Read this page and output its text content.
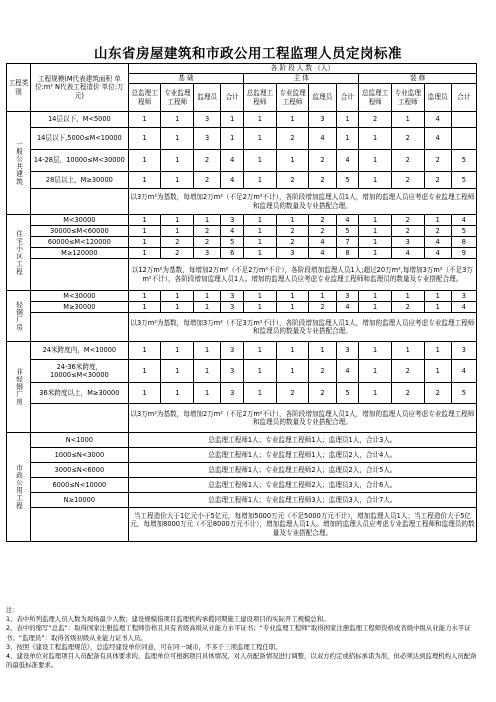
山东省房屋建筑和市政公用工程监理人员定岗标准
工程类别	工程规模(M代表建筑面积 单位:m² N代表工程造价 单位:万元)	各 阶 段 人 数 （人）											
		基 础				主 体				装 修			
		总监理工程师	专业监理工程师	监理员	合计	总监理工程师	专业监理工程师	监理员	合计	总监理工程师	专业监理工程师	监理员	合计
一般公共建筑	14层以下，M<5000	1	1	3	1	1	1	3	1	2	1	4	
	14层以下,5000≤M<10000	1	1	3	1	1	2	4	1	1	2	4	
	14-28层，10000≤M<30000	1	1	2	4	1	1	2	4	1	2	2	5
	28层以上，M≥30000	1	1	2	4	1	2	2	5	1	2	2	5
		以3万m²为基数，每增加2万m²（不足2万m²不计），各阶段增加监理人员1人，增加的监理人员应考虑专业监理工程师和监理员的数量及专业搭配合理。											
住宅小区工程	M<30000	1	1	1	3	1	1	2	4	1	2	1	4
	30000≤M<60000	1	1	2	4	1	2	2	5	1	2	2	5
	60000≤M<120000	1	2	2	5	1	2	4	7	1	3	4	8
	M≥120000	1	2	3	6	1	3	4	8	1	4	4	9
		以12万m²为基数，每增加2万m²（不足2万m²不计），各阶段增加监理人员1人;超过20万m²,每增加3万m²（不足3万m²不计），各阶段增加监理人员1人。增加的监理人员应考虑专业监理工程师和监理员的数量及专业搭配合理。											
轻钢厂房	M<30000	1	1	1	3	1	1	1	3	1	1	1	3
	M≥30000	1	1	1	3	1	1	2	4	1	2	1	4
		以3万m²为基数，每增加3万m²（不足3万m²不计），各阶段增加监理人员1人，增加的监理人员应考虑专业监理工程师和监理员的数量及专业搭配合理。											
非轻钢厂房	24米跨度内，M<10000	1	1	1	3	1	1	1	3	1	1	1	3
	24-36米跨度，10000≤M<30000	1	1	1	3	1	1	2	4	1	2	1	4
	36米跨度以上，M≥30000	1	1	1	3	1	2	2	5	1	2	2	5
		以3万m²为基数，每增加2万m²（不足2万m²不计），各阶段增加监理人员1人，增加的监理人员应考虑专业监理工程师和监理员的数量及专业搭配合理。											
市政公用工程	N<1000	总监理工程师1人；专业监理工程师1人；监理员1人，合计3人。											
	1000≤N<3000	总监理工程师1人；专业监理工程师1人；监理员2人，合计4人。											
	3000≤N<6000	总监理工程师1人；专业监理工程师2人；监理员2人，合计5人。											
	6000≤N<10000	总监理工程师1人；专业监理工程师2人；监理员3人，合计6人。											
	N≥10000	总监理工程师1人；专业监理工程师3人；监理员3人，合计7人。											
		当工程造价大于1亿元小于5亿元，每增加5000万元（不足5000万元不计），增加监理人员1人；当工程造价大于5亿元，每增加8000万元（不足8000万元不计），增加监理人员1人。增加的监理人员应考虑专业监理工程师和监理员的数量及专业搭配合理。											
注：
1、表中所列监理人员人数为现场最少人数；建设规模指项目监理机构承揽同期施工建设项目的实际开工规模总和。
2、表中的缩写“总监”：取得国家注册监理工程师资格且具有省级高级从业能力水平证书；“专业监理工程师”取得国家注册监理工程师资格或省级中级从业能力水平证书；“监理员”：取得省级初级从业能力证书人员。
3、按照《建设工程监理规范》，总监经建设单位同意，可在同一城市，不多于三项监理工程任职。
4、建设单位对监理项目人员配备有具体要求的，监理单位可根据项目具体情况，对人员配备情况进行调整，以双方约定或招标承诺为准，但必须达到监理机构人员配备的最低标准要求。
